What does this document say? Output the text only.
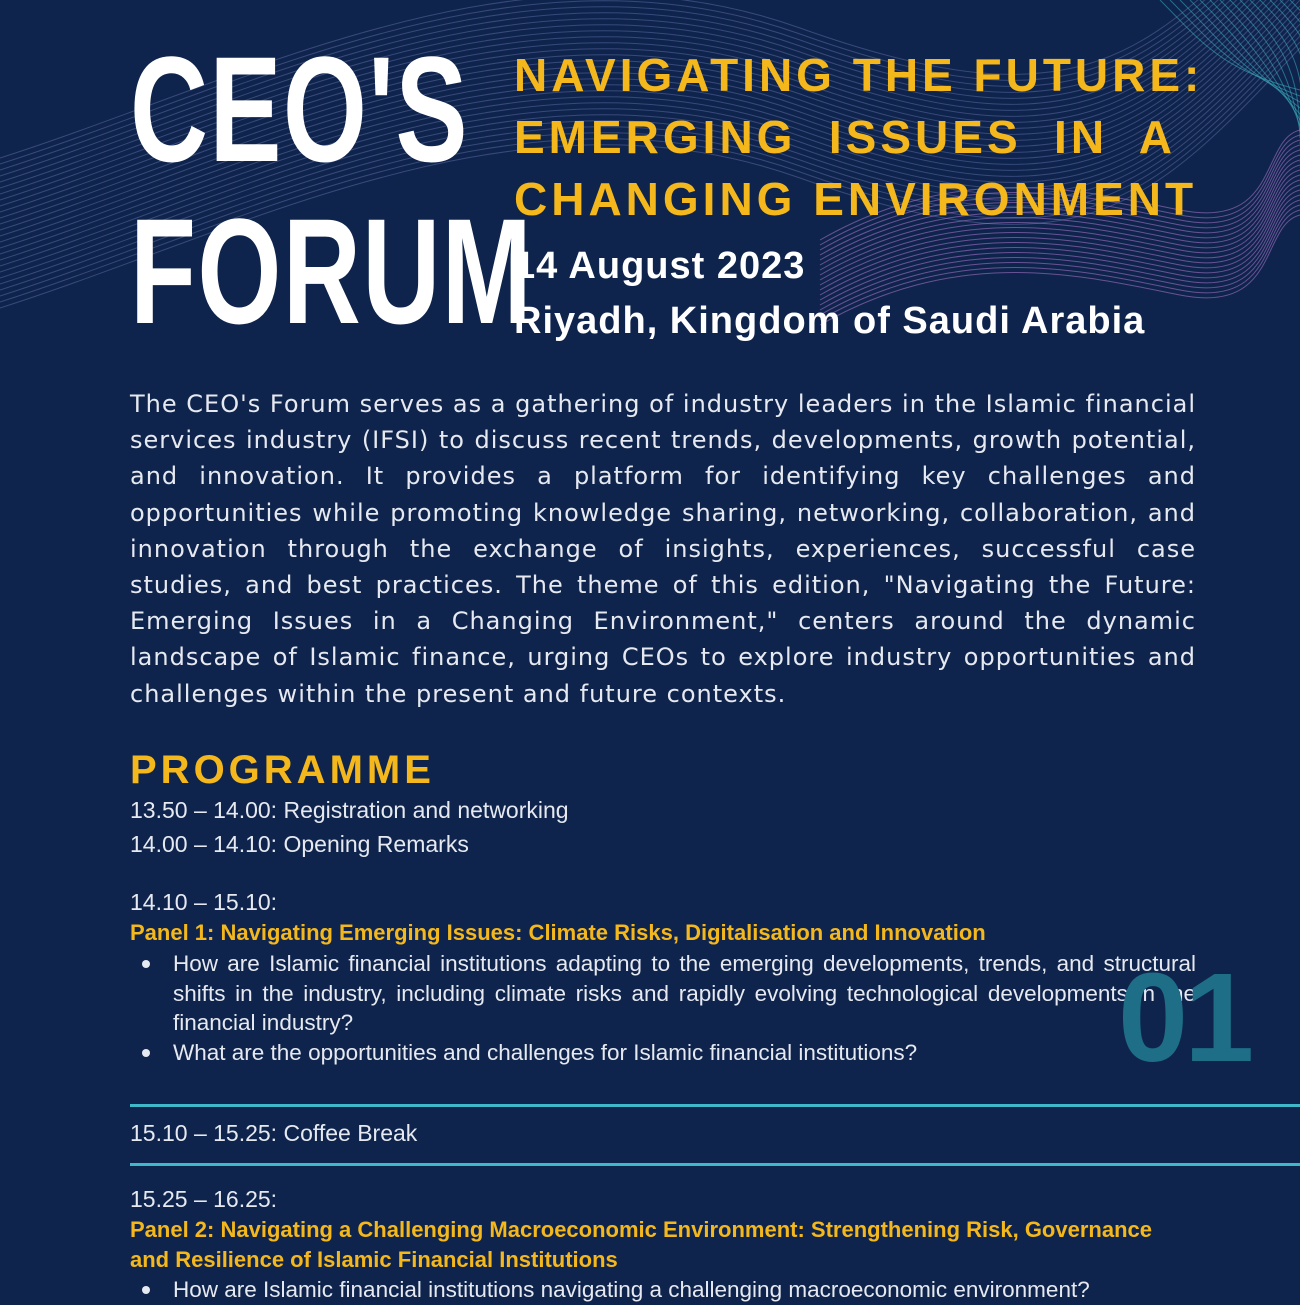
CEO'S
FORUM
NAVIGATING THE FUTURE:
EMERGING ISSUES IN A
CHANGING ENVIRONMENT

14 August 2023

Riyadh, Kingdom of Saudi Arabia

The CEO's Forum serves as a gathering of industry leaders in the Islamic financial services industry (IFSI) to discuss recent trends, developments, growth potential, and innovation. It provides a platform for identifying key challenges and opportunities while promoting knowledge sharing, networking, collaboration, and innovation through the exchange of insights, experiences, successful case studies, and best practices. The theme of this edition, "Navigating the Future: Emerging Issues in a Changing Environment," centers around the dynamic landscape of Islamic finance, urging CEOs to explore industry opportunities and challenges within the present and future contexts.

PROGRAMME

13.50 – 14.00: Registration and networking

14.00 – 14.10: Opening Remarks

14.10 – 15.10:

Panel 1: Navigating Emerging Issues: Climate Risks, Digitalisation and Innovation

How are Islamic financial institutions adapting to the emerging developments, trends, and structural shifts in the industry, including climate risks and rapidly evolving technological developments in the financial industry?
What are the opportunities and challenges for Islamic financial institutions?	01

15.10 – 15.25: Coffee Break

15.25 – 16.25:

Panel 2: Navigating a Challenging Macroeconomic Environment: Strengthening Risk, Governance and Resilience of Islamic Financial Institutions

How are Islamic financial institutions navigating a challenging macroeconomic environment?
